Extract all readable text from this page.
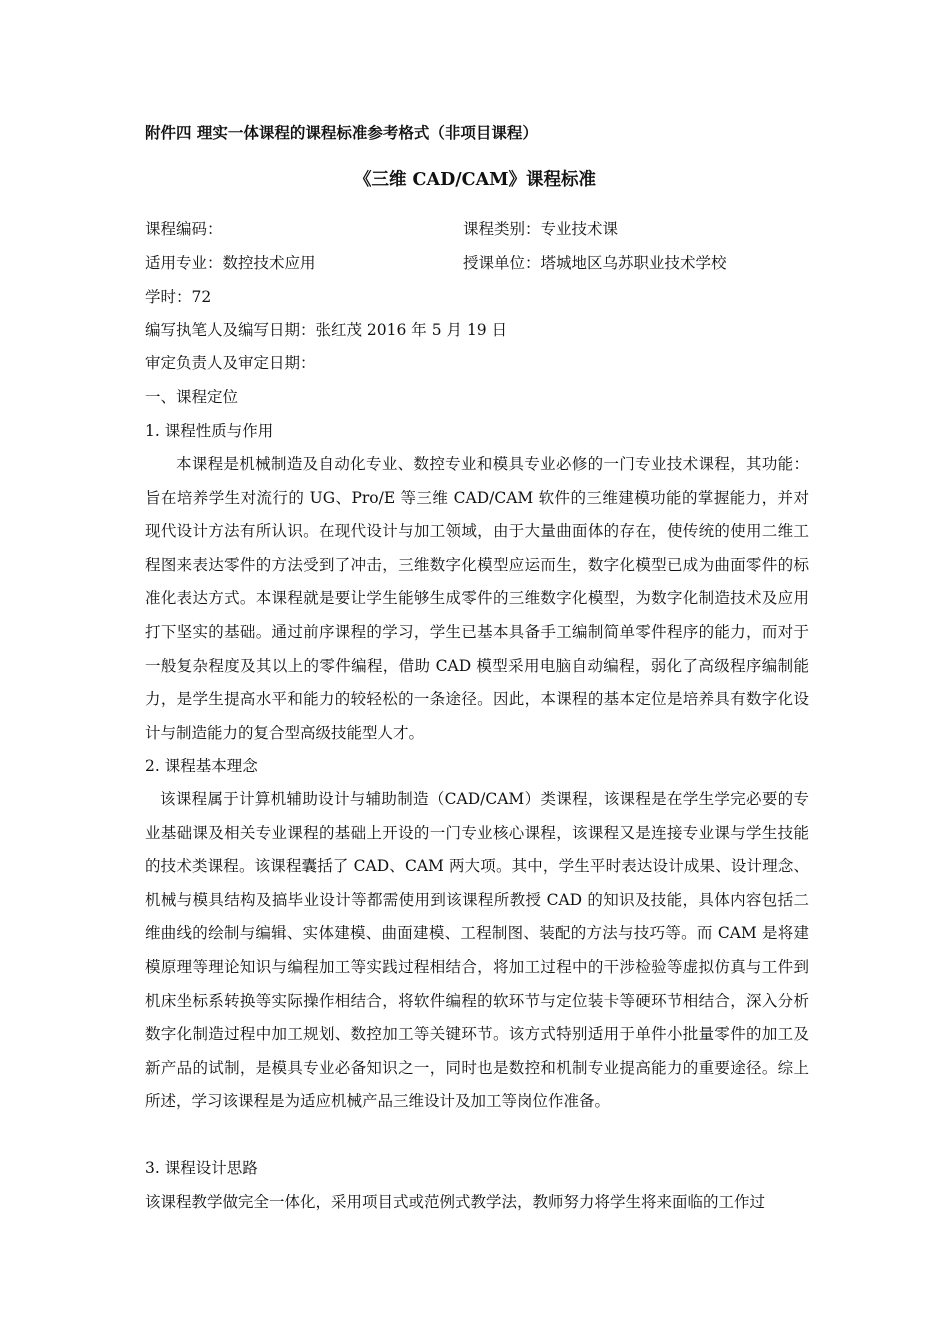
附件四 理实一体课程的课程标准参考格式（非项目课程）
《三维 CAD/CAM》课程标准
课程编码：	课程类别：专业技术课
适用专业：数控技术应用	授课单位：塔城地区乌苏职业技术学校
学时：72
编写执笔人及编写日期：张红茂 2016 年 5 月 19 日
审定负责人及审定日期：
一、课程定位
1. 课程性质与作用

本课程是机械制造及自动化专业、数控专业和模具专业必修的一门专业技术课程，其功能：旨在培养学生对流行的 UG、Pro/E 等三维 CAD/CAM 软件的三维建模功能的掌握能力，并对现代设计方法有所认识。在现代设计与加工领域，由于大量曲面体的存在，使传统的使用二维工程图来表达零件的方法受到了冲击，三维数字化模型应运而生，数字化模型已成为曲面零件的标准化表达方式。本课程就是要让学生能够生成零件的三维数字化模型，为数字化制造技术及应用打下坚实的基础。通过前序课程的学习，学生已基本具备手工编制简单零件程序的能力，而对于一般复杂程度及其以上的零件编程，借助 CAD 模型采用电脑自动编程，弱化了高级程序编制能力，是学生提高水平和能力的较轻松的一条途径。因此，本课程的基本定位是培养具有数字化设计与制造能力的复合型高级技能型人才。

2. 课程基本理念

该课程属于计算机辅助设计与辅助制造（CAD/CAM）类课程，该课程是在学生学完必要的专业基础课及相关专业课程的基础上开设的一门专业核心课程，该课程又是连接专业课与学生技能的技术类课程。该课程囊括了 CAD、CAM 两大项。其中，学生平时表达设计成果、设计理念、机械与模具结构及搞毕业设计等都需使用到该课程所教授 CAD 的知识及技能，具体内容包括二维曲线的绘制与编辑、实体建模、曲面建模、工程制图、装配的方法与技巧等。而 CAM 是将建模原理等理论知识与编程加工等实践过程相结合，将加工过程中的干涉检验等虚拟仿真与工件到机床坐标系转换等实际操作相结合，将软件编程的软环节与定位装卡等硬环节相结合，深入分析数字化制造过程中加工规划、数控加工等关键环节。该方式特别适用于单件小批量零件的加工及新产品的试制，是模具专业必备知识之一，同时也是数控和机制专业提高能力的重要途径。综上所述，学习该课程是为适应机械产品三维设计及加工等岗位作准备。

3. 课程设计思路

该课程教学做完全一体化，采用项目式或范例式教学法，教师努力将学生将来面临的工作过
